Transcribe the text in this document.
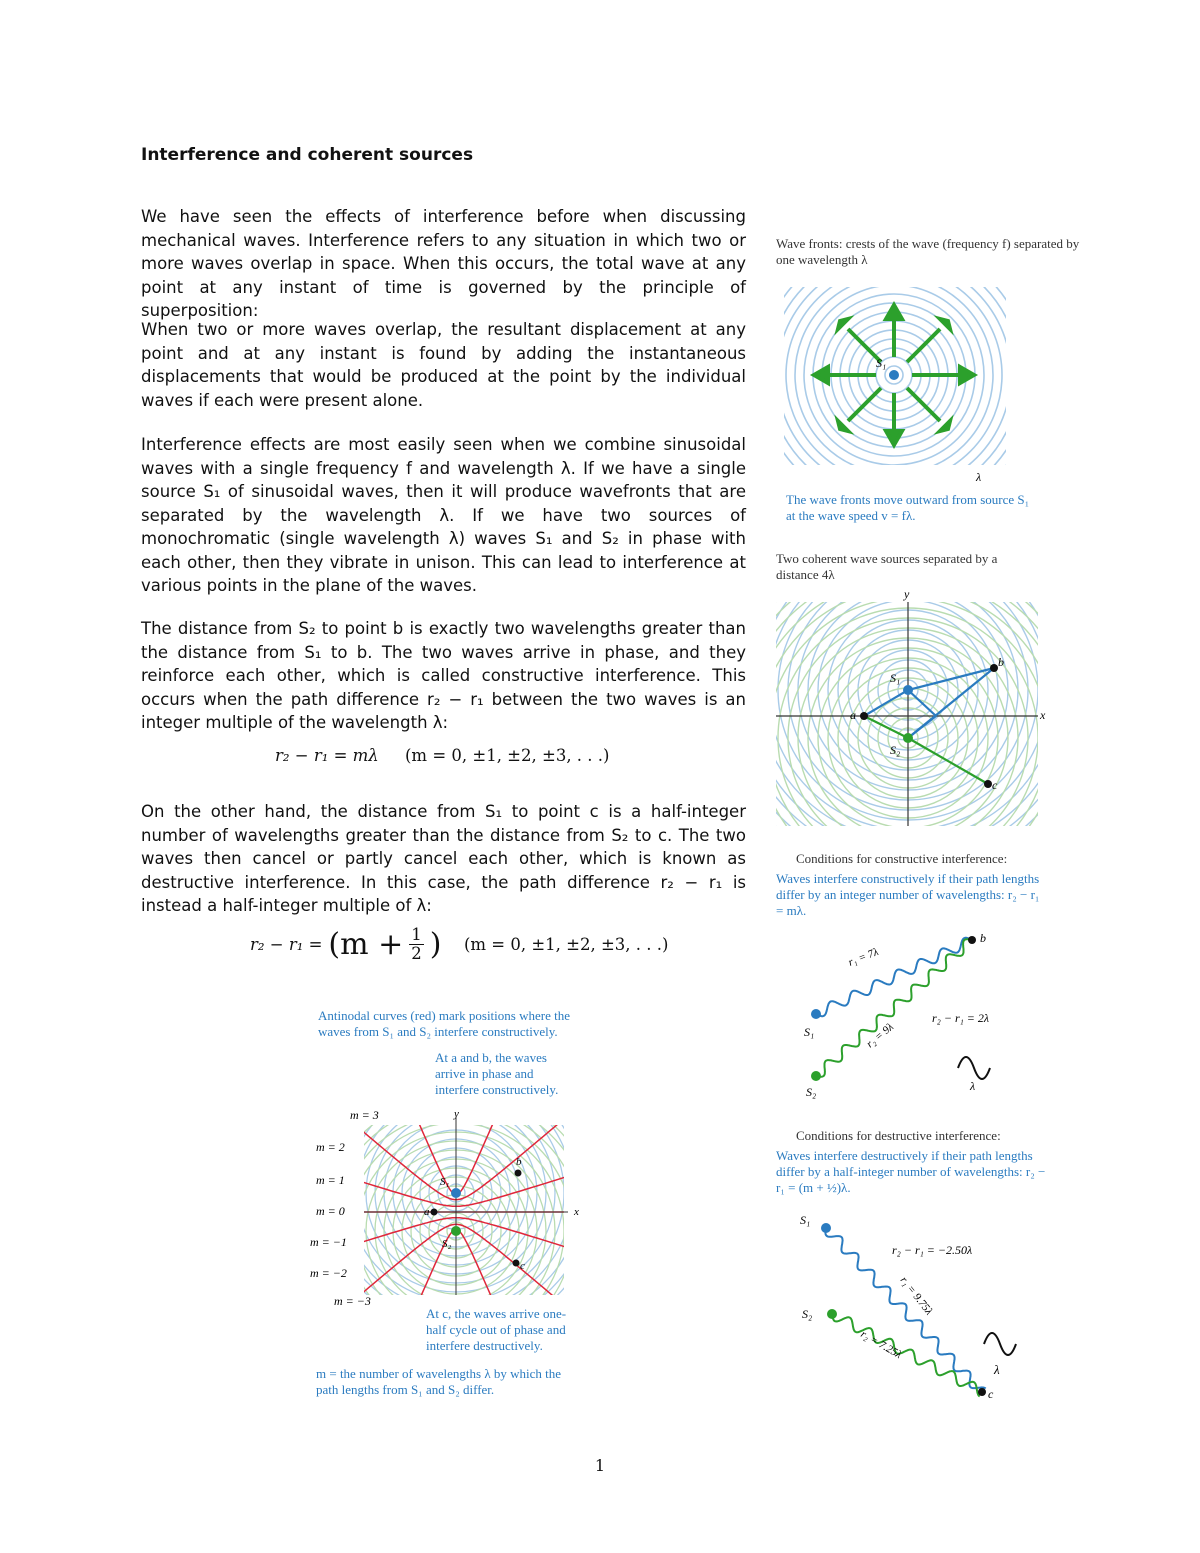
Interference and coherent sources
We have seen the effects of interference before when discussing mechanical waves. Interference refers to any situation in which two or more waves overlap in space. When this occurs, the total wave at any point at any instant of time is governed by the principle of superposition:
When two or more waves overlap, the resultant displacement at any point and at any instant is found by adding the instantaneous displacements that would be produced at the point by the individual waves if each were present alone.
Interference effects are most easily seen when we combine sinusoidal waves with a single frequency f and wavelength λ. If we have a single source S₁ of sinusoidal waves, then it will produce wavefronts that are separated by the wavelength λ. If we have two sources of monochromatic (single wavelength λ) waves S₁ and S₂ in phase with each other, then they vibrate in unison. This can lead to interference at various points in the plane of the waves.
The distance from S₂ to point b is exactly two wavelengths greater than the distance from S₁ to b. The two waves arrive in phase, and they reinforce each other, which is called constructive interference. This occurs when the path difference r₂ − r₁ between the two waves is an integer multiple of the wavelength λ:
r₂ − r₁ = mλ (m = 0, ±1, ±2, ±3, . . .)
On the other hand, the distance from S₁ to point c is a half-integer number of wavelengths greater than the distance from S₂ to c. The two waves then cancel or partly cancel each other, which is known as destructive interference. In this case, the path difference r₂ − r₁ is instead a half-integer multiple of λ:
$r_2 - r_1 = (m + \frac{1}{2}$ )
(m = 0, ±1, ±2, ±3, . . .)
Wave fronts: crests of the wave (frequency f) separated by one wavelength λ
S₁
λ
The wave fronts move outward from source S₁ at the wave speed v = fλ.
Two coherent wave sources separated by a distance 4λ
y
x
S₁
S₂
a
b
c
Conditions for constructive interference:
Waves interfere constructively if their path lengths differ by an integer number of wavelengths: r₂ − r₁ = mλ.
S₁
S₂
b
r₁ = 7λ
r₂ = 9λ
r₂ − r₁ = 2λ
λ
Conditions for destructive interference:
Waves interfere destructively if their path lengths differ by a half-integer number of wavelengths: r₂ − r₁ = (m + ½)λ.
S₁
S₂
c
r₂ − r₁ = −2.50λ
r₁ = 9.75λ
r₂ = 7.25λ
λ
Antinodal curves (red) mark positions where the waves from S₁ and S₂ interfere constructively.
At a and b, the waves arrive in phase and interfere constructively.
y
x
S₁
S₂
a
b
c
m = 3
m = 2
m = 1
m = 0
m = −1
m = −2
m = −3
At c, the waves arrive one-half cycle out of phase and interfere destructively.
m = the number of wavelengths λ by which the path lengths from S₁ and S₂ differ.
1
